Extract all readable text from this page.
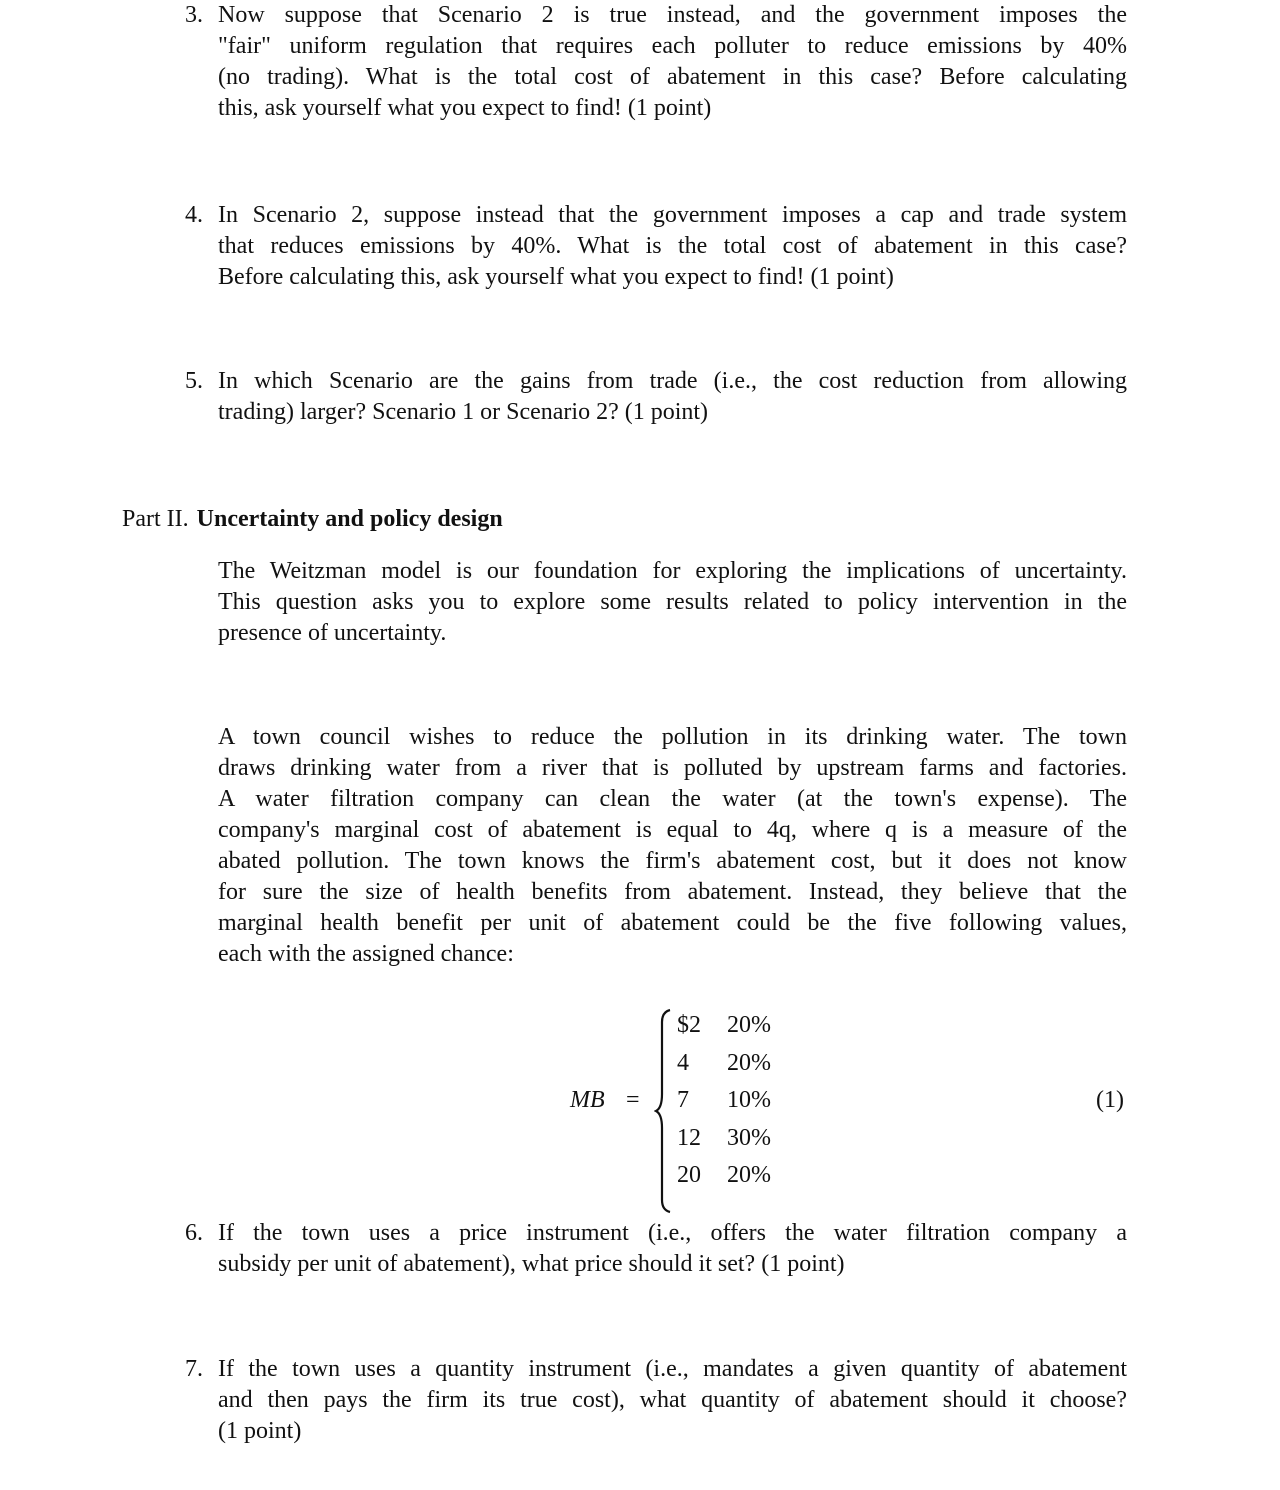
Part II. Uncertainty and policy design
MB =
$2 20%
4 20%
7 10%
12 30%
20 20%
(1)
3. Now suppose that Scenario 2 is true instead, and the government imposes the
"fair" uniform regulation that requires each polluter to reduce emissions by 40%
(no trading). What is the total cost of abatement in this case? Before calculating
this, ask yourself what you expect to find! (1 point)
4. In Scenario 2, suppose instead that the government imposes a cap and trade system
that reduces emissions by 40%. What is the total cost of abatement in this case?
Before calculating this, ask yourself what you expect to find! (1 point)
5. In which Scenario are the gains from trade (i.e., the cost reduction from allowing
trading) larger? Scenario 1 or Scenario 2? (1 point)
6. If the town uses a price instrument (i.e., offers the water filtration company a
subsidy per unit of abatement), what price should it set? (1 point)
7. If the town uses a quantity instrument (i.e., mandates a given quantity of abatement
and then pays the firm its true cost), what quantity of abatement should it choose?
(1 point)
The Weitzman model is our foundation for exploring the implications of uncertainty.
This question asks you to explore some results related to policy intervention in the
presence of uncertainty.
A town council wishes to reduce the pollution in its drinking water. The town
draws drinking water from a river that is polluted by upstream farms and factories.
A water filtration company can clean the water (at the town's expense). The
company's marginal cost of abatement is equal to 4q, where q is a measure of the
abated pollution. The town knows the firm's abatement cost, but it does not know
for sure the size of health benefits from abatement. Instead, they believe that the
marginal health benefit per unit of abatement could be the five following values,
each with the assigned chance:
